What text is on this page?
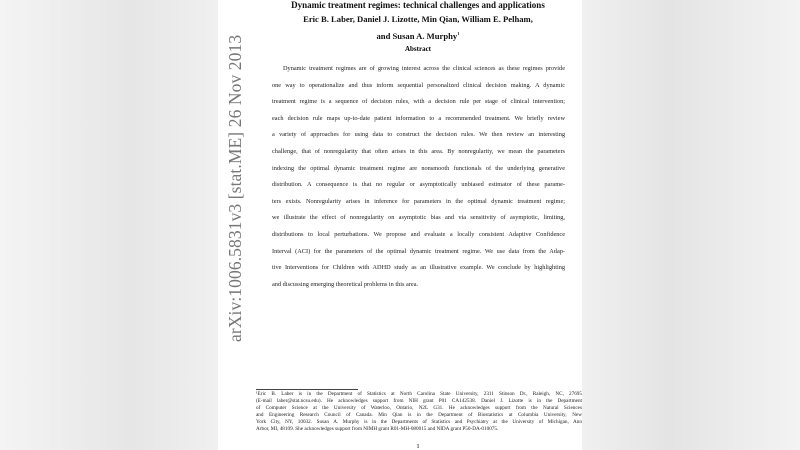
arXiv:1006.5831v3 [stat.ME] 26 Nov 2013
Dynamic treatment regimes: technical challenges and applications
Eric B. Laber, Daniel J. Lizotte, Min Qian, William E. Pelham,
and Susan A. Murphy$^1$
Abstract
Dynamic treatment regimes are of growing interest across the clinical sciences as these regimes provide
one way to operationalize and thus inform sequential personalized clinical decision making. A dynamic
treatment regime is a sequence of decision rules, with a decision rule per stage of clinical intervention;
each decision rule maps up-to-date patient information to a recommended treatment. We briefly review
a variety of approaches for using data to construct the decision rules. We then review an interesting
challenge, that of nonregularity that often arises in this area. By nonregularity, we mean the parameters
indexing the optimal dynamic treatment regime are nonsmooth functionals of the underlying generative
distribution. A consequence is that no regular or asymptotically unbiased estimator of these parame-
ters exists. Nonregularity arises in inference for parameters in the optimal dynamic treatment regime;
we illustrate the effect of nonregularity on asymptotic bias and via sensitivity of asymptotic, limiting,
distributions to local perturbations. We propose and evaluate a locally consistent Adaptive Confidence
Interval (ACI) for the parameters of the optimal dynamic treatment regime. We use data from the Adap-
tive Interventions for Children with ADHD study as an illustrative example. We conclude by highlighting
and discussing emerging theoretical problems in this area.
¹Eric B. Laber is in the Department of Statistics at North Carolina State University, 2311 Stinson Dr., Raleigh, NC, 27695
(E-mail laber@stat.ncsu.edu). He acknowledges support from NIH grant P01 CA142538. Daniel J. Lizotte is in the Department
of Computer Science at the University of Waterloo, Ontario, N2L G31. He acknowledges support from the Natural Sciences
and Engineering Research Council of Canada. Min Qian is in the Department of Biostatistics at Columbia University, New
York City, NY, 10032. Susan A. Murphy is in the Departments of Statistics and Psychiatry at the University of Michigan, Ann
Arbor, MI, 48109. She acknowledges support from NIMH grant R01-MH-080015 and NIDA grant P50-DA-010075.
1
